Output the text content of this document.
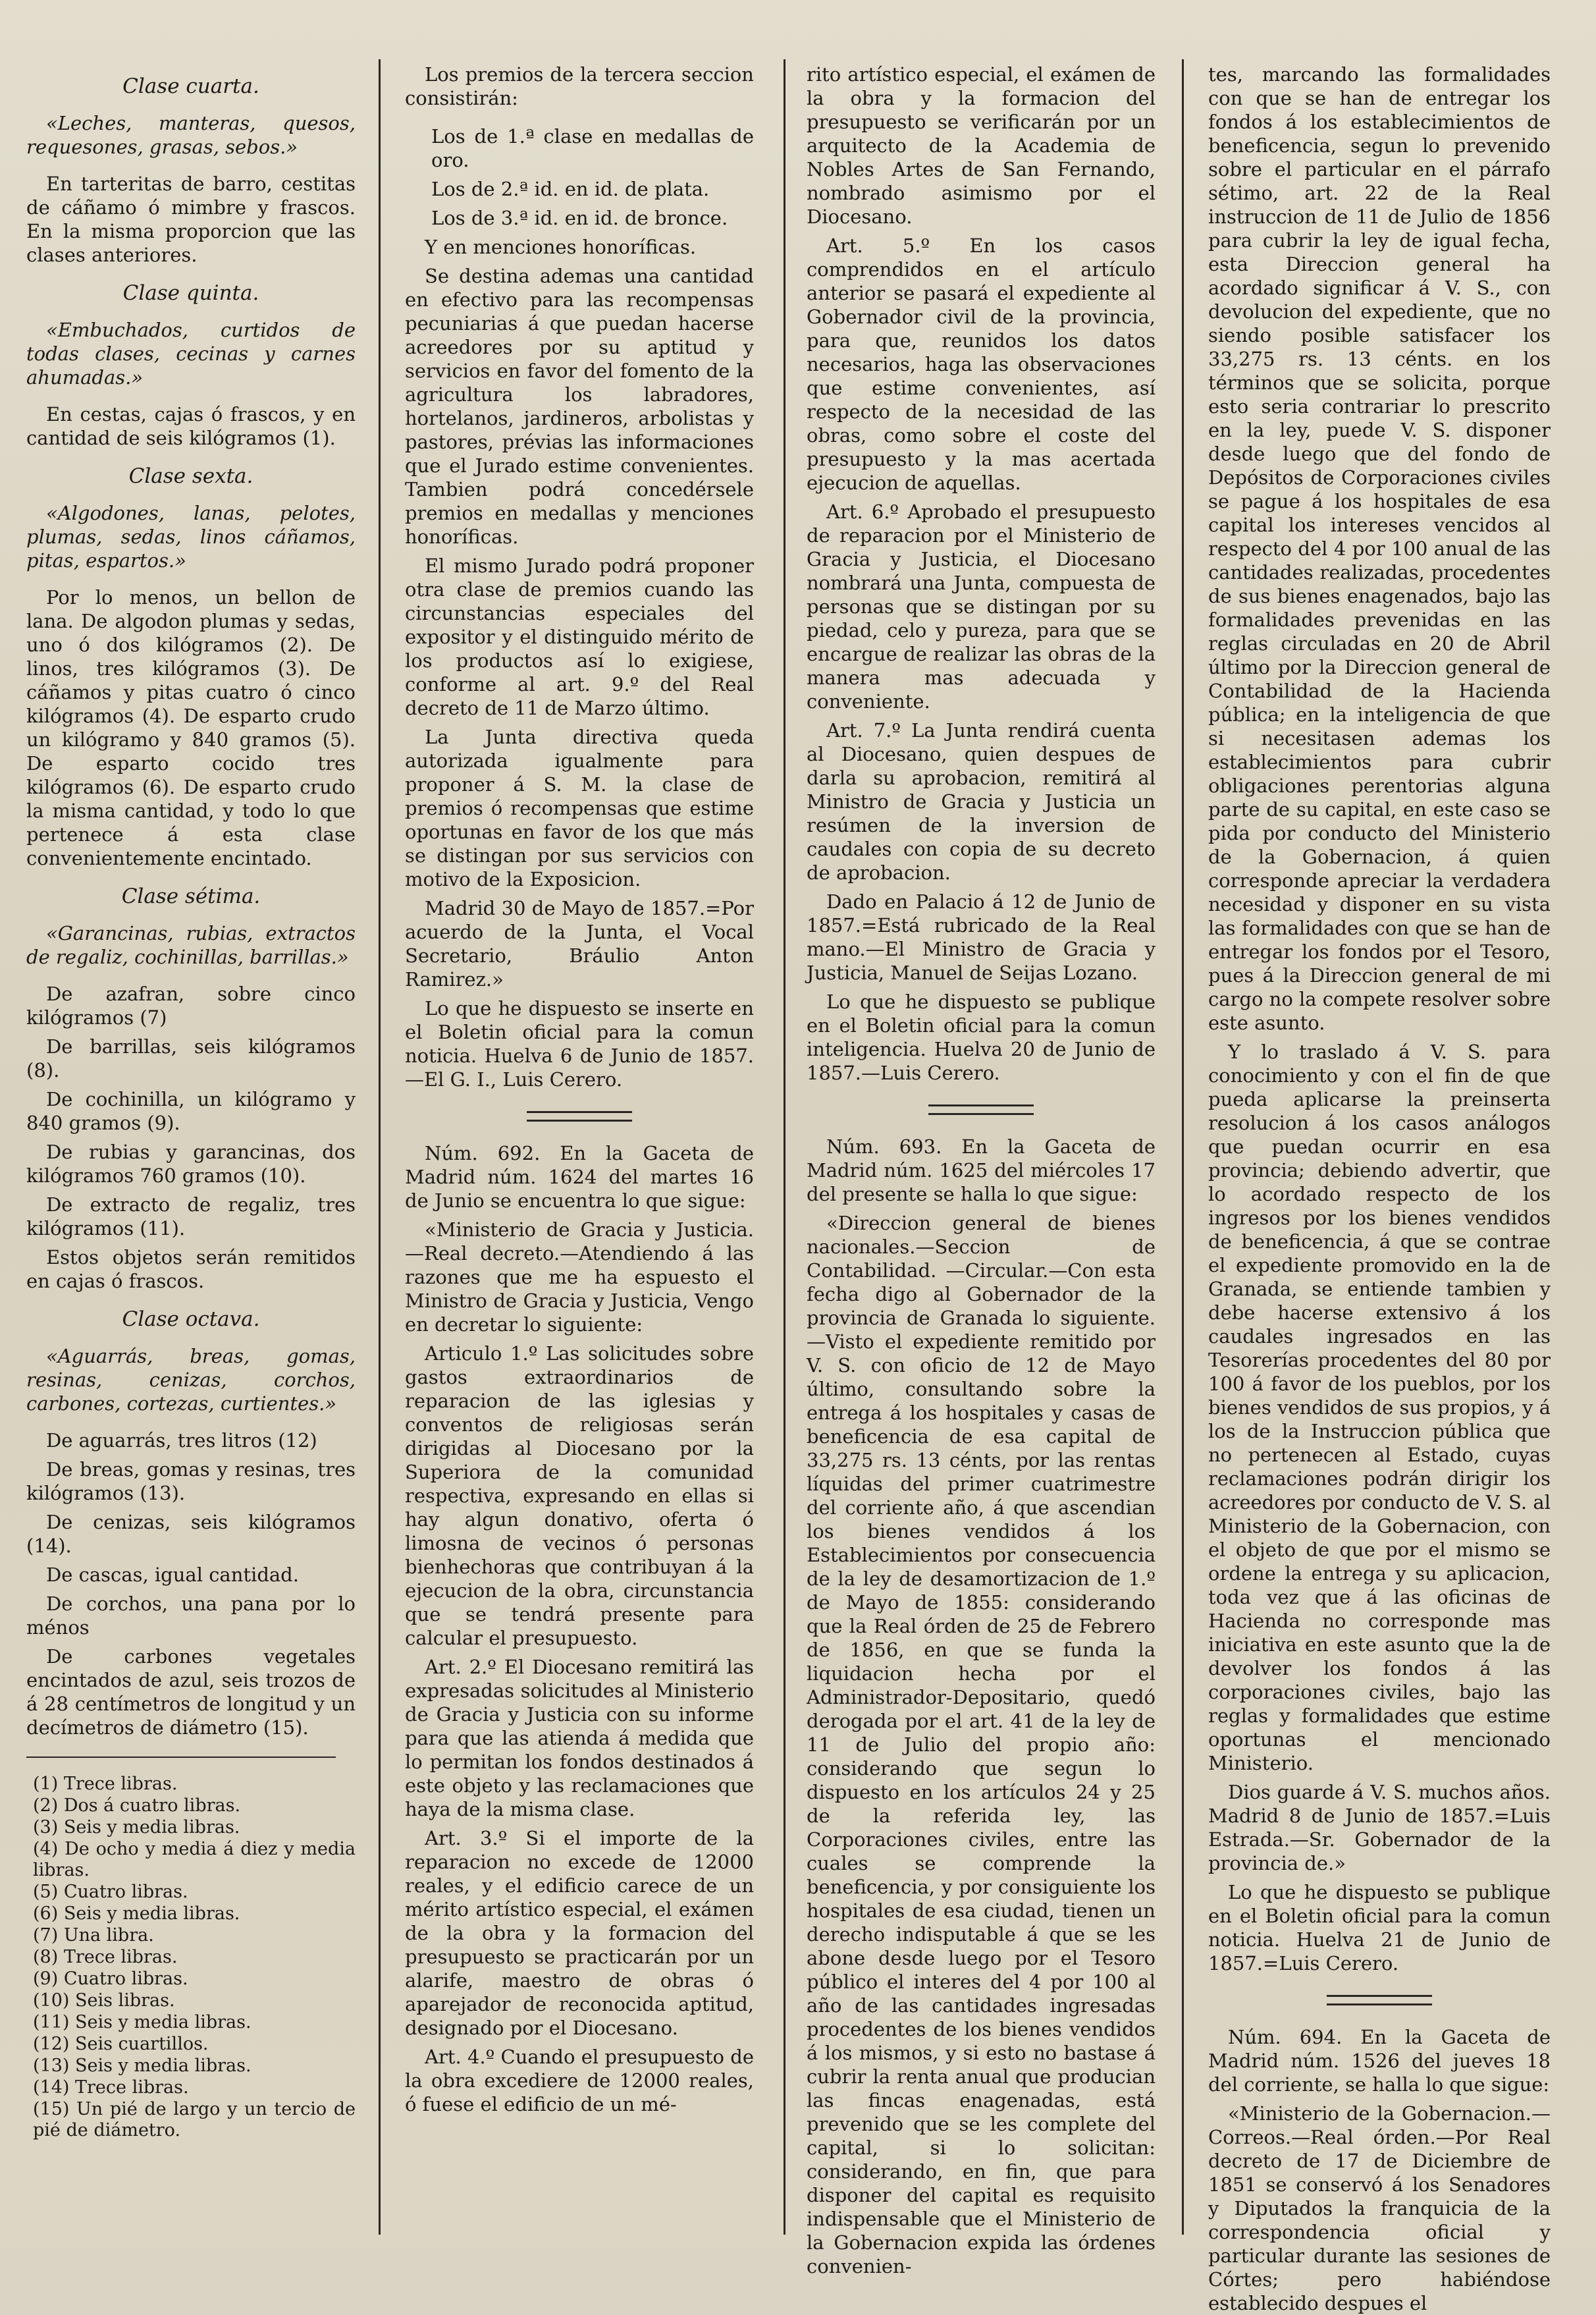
Clase cuarta.
«Leches, manteras, quesos, requesones, grasas, sebos.»
En tarteritas de barro, cestitas de cáñamo ó mimbre y frascos. En la misma proporcion que las clases anteriores.
Clase quinta.
«Embuchados, curtidos de todas clases, cecinas y carnes ahumadas.»
En cestas, cajas ó frascos, y en cantidad de seis kilógramos (1).
Clase sexta.
«Algodones, lanas, pelotes, plumas, sedas, linos cáñamos, pitas, espartos.»
Por lo menos, un bellon de lana. De algodon plumas y sedas, uno ó dos kilógramos (2). De linos, tres kilógramos (3). De cáñamos y pitas cuatro ó cinco kilógramos (4). De esparto crudo un kilógramo y 840 gramos (5). De esparto cocido tres kilógramos (6). De esparto crudo la misma cantidad, y todo lo que pertenece á esta clase convenientemente encintado.
Clase sétima.
«Garancinas, rubias, extractos de regaliz, cochinillas, barrillas.»
De azafran, sobre cinco kilógramos (7)
De barrillas, seis kilógramos (8).
De cochinilla, un kilógramo y 840 gramos (9).
De rubias y garancinas, dos kilógramos 760 gramos (10).
De extracto de regaliz, tres kilógramos (11).
Estos objetos serán remitidos en cajas ó frascos.
Clase octava.
«Aguarrás, breas, gomas, resinas, cenizas, corchos, carbones, cortezas, curtientes.»
De aguarrás, tres litros (12)
De breas, gomas y resinas, tres kilógramos (13).
De cenizas, seis kilógramos (14).
De cascas, igual cantidad.
De corchos, una pana por lo ménos
De carbones vegetales encintados de azul, seis trozos de á 28 centímetros de longitud y un decímetros de diámetro (15).
(1) Trece libras.
(2) Dos á cuatro libras.
(3) Seis y media libras.
(4) De ocho y media á diez y media libras.
(5) Cuatro libras.
(6) Seis y media libras.
(7) Una libra.
(8) Trece libras.
(9) Cuatro libras.
(10) Seis libras.
(11) Seis y media libras.
(12) Seis cuartillos.
(13) Seis y media libras.
(14) Trece libras.
(15) Un pié de largo y un tercio de pié de diámetro.
Los premios de la tercera seccion consistirán:
Los de 1.ª clase en medallas de oro.
Los de 2.ª id. en id. de plata.
Los de 3.ª id. en id. de bronce.
Y en menciones honoríficas.
Se destina ademas una cantidad en efectivo para las recompensas pecuniarias á que puedan hacerse acreedores por su aptitud y servicios en favor del fomento de la agricultura los labradores, hortelanos, jardineros, arbolistas y pastores, prévias las informaciones que el Jurado estime convenientes. Tambien podrá concedérsele premios en medallas y menciones honoríficas.
El mismo Jurado podrá proponer otra clase de premios cuando las circunstancias especiales del expositor y el distinguido mérito de los productos así lo exigiese, conforme al art. 9.º del Real decreto de 11 de Marzo último.
La Junta directiva queda autorizada igualmente para proponer á S. M. la clase de premios ó recompensas que estime oportunas en favor de los que más se distingan por sus servicios con motivo de la Exposicion.
Madrid 30 de Mayo de 1857.=Por acuerdo de la Junta, el Vocal Secretario, Bráulio Anton Ramirez.»
Lo que he dispuesto se inserte en el Boletin oficial para la comun noticia. Huelva 6 de Junio de 1857. —El G. I., Luis Cerero.
Núm. 692. En la Gaceta de Madrid núm. 1624 del martes 16 de Junio se encuentra lo que sigue:
«Ministerio de Gracia y Justicia. —Real decreto.—Atendiendo á las razones que me ha espuesto el Ministro de Gracia y Justicia, Vengo en decretar lo siguiente:
Articulo 1.º Las solicitudes sobre gastos extraordinarios de reparacion de las iglesias y conventos de religiosas serán dirigidas al Diocesano por la Superiora de la comunidad respectiva, expresando en ellas si hay algun donativo, oferta ó limosna de vecinos ó personas bienhechoras que contribuyan á la ejecucion de la obra, circunstancia que se tendrá presente para calcular el presupuesto.
Art. 2.º El Diocesano remitirá las expresadas solicitudes al Ministerio de Gracia y Justicia con su informe para que las atienda á medida que lo permitan los fondos destinados á este objeto y las reclamaciones que haya de la misma clase.
Art. 3.º Si el importe de la reparacion no excede de 12000 reales, y el edificio carece de un mérito artístico especial, el exámen de la obra y la formacion del presupuesto se practicarán por un alarife, maestro de obras ó aparejador de reconocida aptitud, designado por el Diocesano.
Art. 4.º Cuando el presupuesto de la obra excediere de 12000 reales, ó fuese el edificio de un mé-
rito artístico especial, el exámen de la obra y la formacion del presupuesto se verificarán por un arquitecto de la Academia de Nobles Artes de San Fernando, nombrado asimismo por el Diocesano.
Art. 5.º En los casos comprendidos en el artículo anterior se pasará el expediente al Gobernador civil de la provincia, para que, reunidos los datos necesarios, haga las observaciones que estime convenientes, así respecto de la necesidad de las obras, como sobre el coste del presupuesto y la mas acertada ejecucion de aquellas.
Art. 6.º Aprobado el presupuesto de reparacion por el Ministerio de Gracia y Justicia, el Diocesano nombrará una Junta, compuesta de personas que se distingan por su piedad, celo y pureza, para que se encargue de realizar las obras de la manera mas adecuada y conveniente.
Art. 7.º La Junta rendirá cuenta al Diocesano, quien despues de darla su aprobacion, remitirá al Ministro de Gracia y Justicia un resúmen de la inversion de caudales con copia de su decreto de aprobacion.
Dado en Palacio á 12 de Junio de 1857.=Está rubricado de la Real mano.—El Ministro de Gracia y Justicia, Manuel de Seijas Lozano.
Lo que he dispuesto se publique en el Boletin oficial para la comun inteligencia. Huelva 20 de Junio de 1857.—Luis Cerero.
Núm. 693. En la Gaceta de Madrid núm. 1625 del miércoles 17 del presente se halla lo que sigue:
«Direccion general de bienes nacionales.—Seccion de Contabilidad. —Circular.—Con esta fecha digo al Gobernador de la provincia de Granada lo siguiente.—Visto el expediente remitido por V. S. con oficio de 12 de Mayo último, consultando sobre la entrega á los hospitales y casas de beneficencia de esa capital de 33,275 rs. 13 cénts, por las rentas líquidas del primer cuatrimestre del corriente año, á que ascendian los bienes vendidos á los Establecimientos por consecuencia de la ley de desamortizacion de 1.º de Mayo de 1855: considerando que la Real órden de 25 de Febrero de 1856, en que se funda la liquidacion hecha por el Administrador-Depositario, quedó derogada por el art. 41 de la ley de 11 de Julio del propio año: considerando que segun lo dispuesto en los artículos 24 y 25 de la referida ley, las Corporaciones civiles, entre las cuales se comprende la beneficencia, y por consiguiente los hospitales de esa ciudad, tienen un derecho indisputable á que se les abone desde luego por el Tesoro público el interes del 4 por 100 al año de las cantidades ingresadas procedentes de los bienes vendidos á los mismos, y si esto no bastase á cubrir la renta anual que producian las fincas enagenadas, está prevenido que se les complete del capital, si lo solicitan: considerando, en fin, que para disponer del capital es requisito indispensable que el Ministerio de la Gobernacion expida las órdenes convenien-
tes, marcando las formalidades con que se han de entregar los fondos á los establecimientos de beneficencia, segun lo prevenido sobre el particular en el párrafo sétimo, art. 22 de la Real instruccion de 11 de Julio de 1856 para cubrir la ley de igual fecha, esta Direccion general ha acordado significar á V. S., con devolucion del expediente, que no siendo posible satisfacer los 33,275 rs. 13 cénts. en los términos que se solicita, porque esto seria contrariar lo prescrito en la ley, puede V. S. disponer desde luego que del fondo de Depósitos de Corporaciones civiles se pague á los hospitales de esa capital los intereses vencidos al respecto del 4 por 100 anual de las cantidades realizadas, procedentes de sus bienes enagenados, bajo las formalidades prevenidas en las reglas circuladas en 20 de Abril último por la Direccion general de Contabilidad de la Hacienda pública; en la inteligencia de que si necesitasen ademas los establecimientos para cubrir obligaciones perentorias alguna parte de su capital, en este caso se pida por conducto del Ministerio de la Gobernacion, á quien corresponde apreciar la verdadera necesidad y disponer en su vista las formalidades con que se han de entregar los fondos por el Tesoro, pues á la Direccion general de mi cargo no la compete resolver sobre este asunto.
Y lo traslado á V. S. para conocimiento y con el fin de que pueda aplicarse la preinserta resolucion á los casos análogos que puedan ocurrir en esa provincia; debiendo advertir, que lo acordado respecto de los ingresos por los bienes vendidos de beneficencia, á que se contrae el expediente promovido en la de Granada, se entiende tambien y debe hacerse extensivo á los caudales ingresados en las Tesorerías procedentes del 80 por 100 á favor de los pueblos, por los bienes vendidos de sus propios, y á los de la Instruccion pública que no pertenecen al Estado, cuyas reclamaciones podrán dirigir los acreedores por conducto de V. S. al Ministerio de la Gobernacion, con el objeto de que por el mismo se ordene la entrega y su aplicacion, toda vez que á las oficinas de Hacienda no corresponde mas iniciativa en este asunto que la de devolver los fondos á las corporaciones civiles, bajo las reglas y formalidades que estime oportunas el mencionado Ministerio.
Dios guarde á V. S. muchos años. Madrid 8 de Junio de 1857.=Luis Estrada.—Sr. Gobernador de la provincia de.»
Lo que he dispuesto se publique en el Boletin oficial para la comun noticia. Huelva 21 de Junio de 1857.=Luis Cerero.
Núm. 694. En la Gaceta de Madrid núm. 1526 del jueves 18 del corriente, se halla lo que sigue:
«Ministerio de la Gobernacion.— Correos.—Real órden.—Por Real decreto de 17 de Diciembre de 1851 se conservó á los Senadores y Diputados la franquicia de la correspondencia oficial y particular durante las sesiones de Córtes; pero habiéndose establecido despues el
